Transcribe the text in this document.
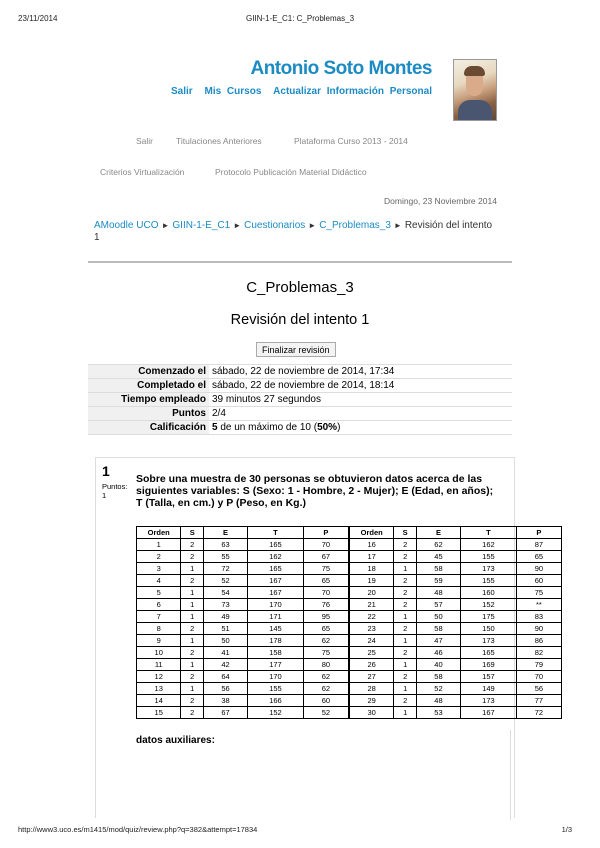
23/11/2014	GIIN-1-E_C1: C_Problemas_3
Antonio Soto Montes
Salir Mis Cursos Actualizar Información Personal
Salir	Titulaciones Anteriores	Plataforma Curso 2013 - 2014
Criterios Virtualización	Protocolo Publicación Material Didáctico
Domingo, 23 Noviembre 2014
AMoodle UCO ► GIIN-1-E_C1 ► Cuestionarios ► C_Problemas_3 ► Revisión del intento 1
C_Problemas_3
Revisión del intento 1
Finalizar revisión
Comenzado el	sábado, 22 de noviembre de 2014, 17:34
Completado el	sábado, 22 de noviembre de 2014, 18:14
Tiempo empleado	39 minutos 27 segundos
Puntos	2/4
Calificación	5 de un máximo de 10 (50%)
1
Puntos:
1
Sobre una muestra de 30 personas se obtuvieron datos acerca de las siguientes variables: S (Sexo: 1 - Hombre, 2 - Mujer); E (Edad, en años); T (Talla, en cm.) y P (Peso, en Kg.)
Orden	S	E	T	P	Orden	S	E	T	P
1	2	63	165	70	16	2	62	162	87
2	2	55	162	67	17	2	45	155	65
3	1	72	165	75	18	1	58	173	90
4	2	52	167	65	19	2	59	155	60
5	1	54	167	70	20	2	48	160	75
6	1	73	170	76	21	2	57	152	**
7	1	49	171	95	22	1	50	175	83
8	2	51	145	65	23	2	58	150	90
9	1	50	178	62	24	1	47	173	86
10	2	41	158	75	25	2	46	165	82
11	1	42	177	80	26	1	40	169	79
12	2	64	170	62	27	2	58	157	70
13	1	56	155	62	28	1	52	149	56
14	2	38	166	60	29	2	48	173	77
15	2	67	152	52	30	1	53	167	72
datos auxiliares:
http://www3.uco.es/m1415/mod/quiz/review.php?q=382&attempt=17834	1/3
